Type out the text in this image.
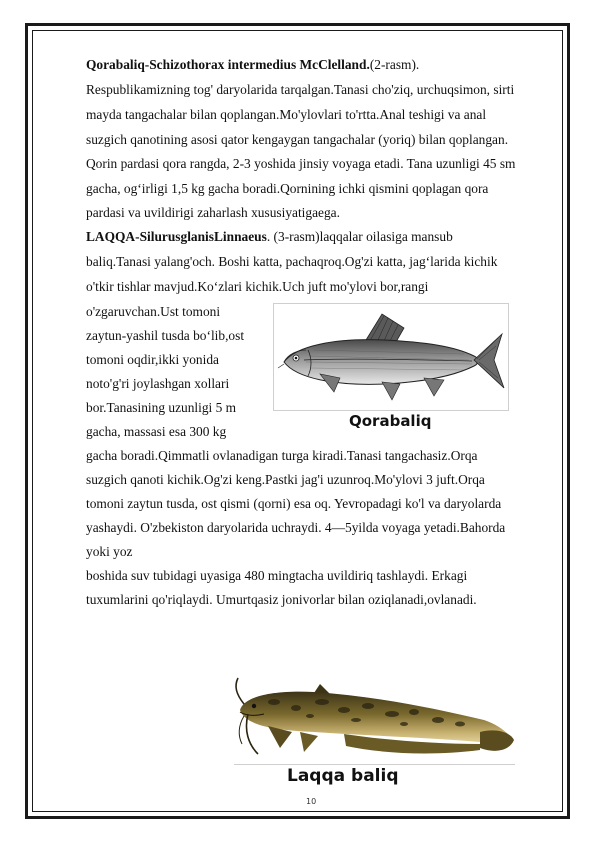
Qorabaliq-Schizothorax intermedius McClelland.(2-rasm).
Respublikamizning tog' daryolarida tarqalgan.Tanasi cho'ziq, urchuqsimon, sirti
mayda tangachalar bilan qoplangan.Mo'ylovlari to'rtta.Anal teshigi va anal
suzgich qanotining asosi qator kengaygan tangachalar (yoriq) bilan qoplangan.
Qorin pardasi qora rangda, 2-3 yoshida jinsiy voyaga etadi. Tana uzunligi 45 sm
gacha, og‘irligi 1,5 kg gacha boradi.Qornining ichki qismini qoplagan qora
pardasi va uvildirigi zaharlash xususiyatigaega.
LAQQA-SilurusglanisLinnaeus. (3-rasm)laqqalar oilasiga mansub
baliq.Tanasi yalang'och. Boshi katta, pachaqroq.Og'zi katta, jag‘larida kichik
o'tkir tishlar mavjud.Ko‘zlari kichik.Uch juft mo'ylovi bor,rangi
o'zgaruvchan.Ust tomoni
zaytun-yashil tusda bo‘lib,ost
tomoni oqdir,ikki yonida
noto'g'ri joylashgan xollari
bor.Tanasining uzunligi 5 m
gacha, massasi esa 300 kg
gacha boradi.Qimmatli ovlanadigan turga kiradi.Tanasi tangachasiz.Orqa
suzgich qanoti kichik.Og'zi keng.Pastki jag'i uzunroq.Mo'ylovi 3 juft.Orqa
tomoni zaytun tusda, ost qismi (qorni) esa oq. Yevropadagi ko'l va daryolarda
yashaydi. O'zbekiston daryolarida uchraydi. 4—5yilda voyaga yetadi.Bahorda
yoki yoz
boshida suv tubidagi uyasiga 480 mingtacha uvildiriq tashlaydi. Erkagi
tuxumlarini qo'riqlaydi. Umurtqasiz jonivorlar bilan oziqlanadi,ovlanadi.
Qorabaliq
Laqqa baliq
10
